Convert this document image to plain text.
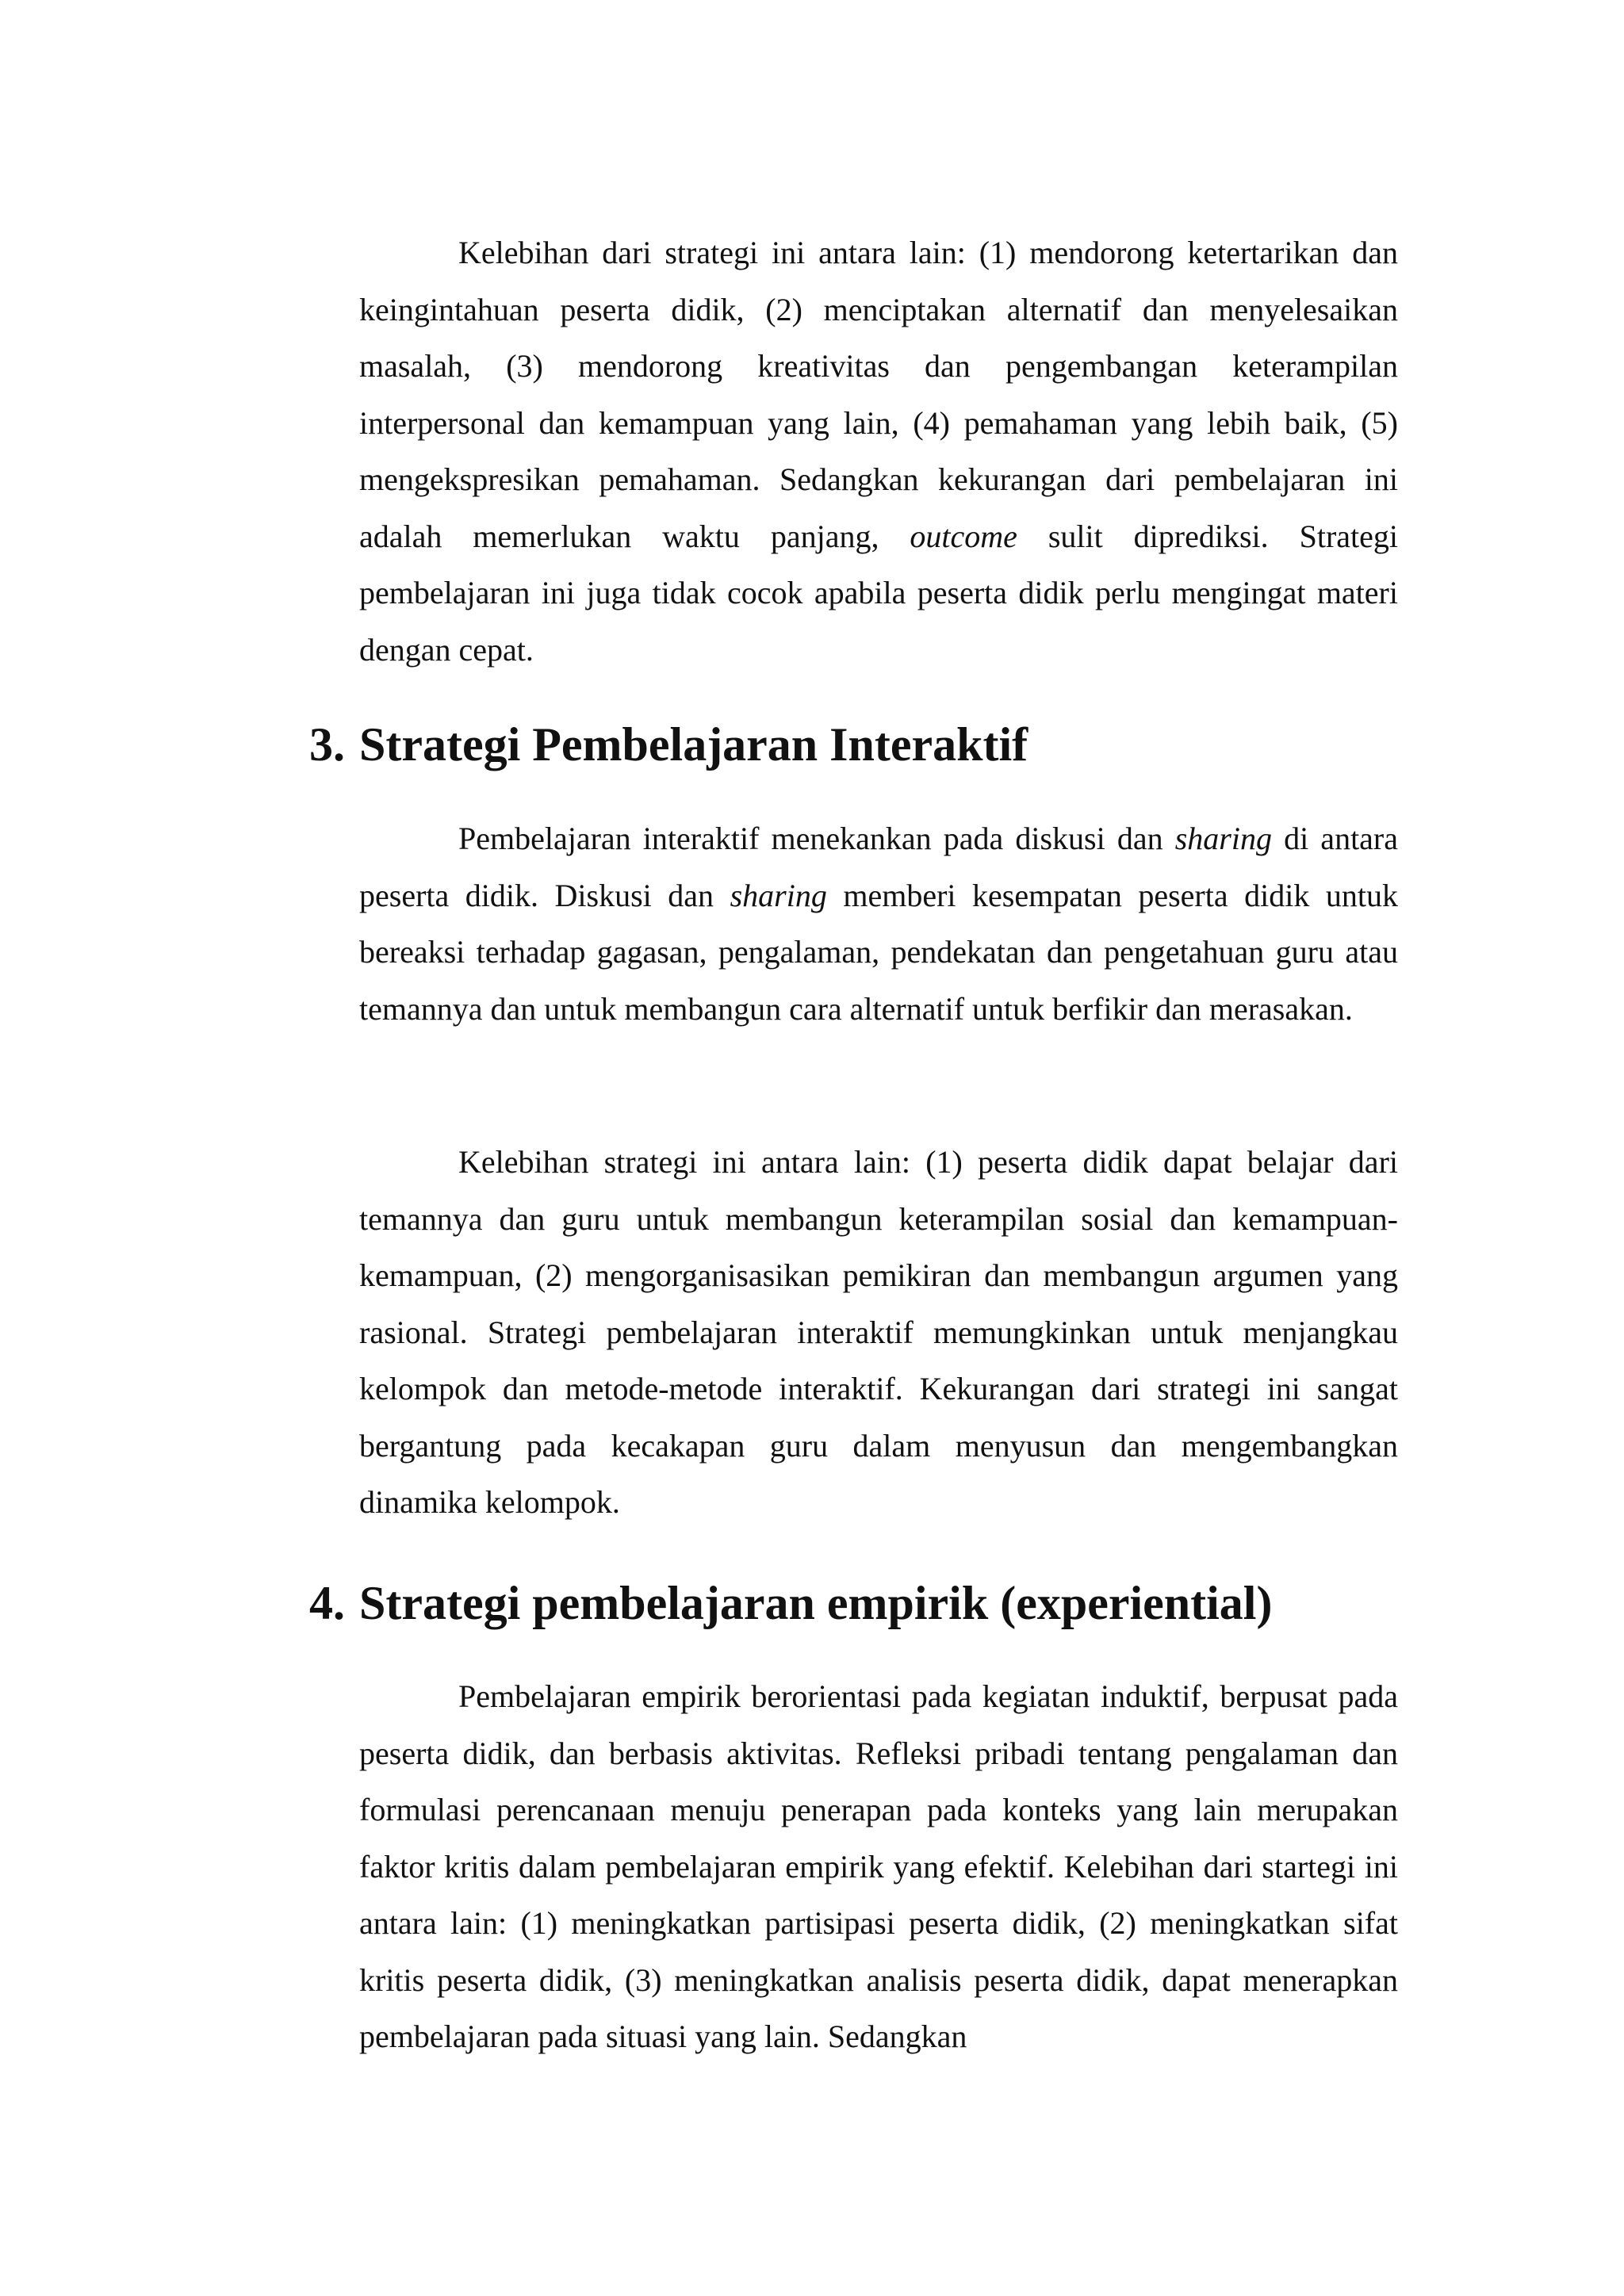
Kelebihan dari strategi ini antara lain: (1) mendorong ketertarikan dan keingintahuan peserta didik, (2) menciptakan alternatif dan menyelesaikan masalah, (3) mendorong kreativitas dan pengembangan keterampilan interpersonal dan kemampuan yang lain, (4) pemahaman yang lebih baik, (5) mengekspresikan pemahaman. Sedangkan kekurangan dari pembelajaran ini adalah memerlukan waktu panjang, outcome sulit diprediksi. Strategi pembelajaran ini juga tidak cocok apabila peserta didik perlu mengingat materi dengan cepat.

3. Strategi Pembelajaran Interaktif

Pembelajaran interaktif menekankan pada diskusi dan sharing di antara peserta didik. Diskusi dan sharing memberi kesempatan peserta didik untuk bereaksi terhadap gagasan, pengalaman, pendekatan dan pengetahuan guru atau temannya dan untuk membangun cara alternatif untuk berfikir dan merasakan.

Kelebihan strategi ini antara lain: (1) peserta didik dapat belajar dari temannya dan guru untuk membangun keterampilan sosial dan kemampuan-kemampuan, (2) mengorganisasikan pemikiran dan membangun argumen yang rasional. Strategi pembelajaran interaktif memungkinkan untuk menjangkau kelompok dan metode-metode interaktif. Kekurangan dari strategi ini sangat bergantung pada kecakapan guru dalam menyusun dan mengembangkan dinamika kelompok.

4. Strategi pembelajaran empirik (experiential)

Pembelajaran empirik berorientasi pada kegiatan induktif, berpusat pada peserta didik, dan berbasis aktivitas. Refleksi pribadi tentang pengalaman dan formulasi perencanaan menuju penerapan pada konteks yang lain merupakan faktor kritis dalam pembelajaran empirik yang efektif. Kelebihan dari startegi ini antara lain: (1) meningkatkan partisipasi peserta didik, (2) meningkatkan sifat kritis peserta didik, (3) meningkatkan analisis peserta didik, dapat menerapkan pembelajaran pada situasi yang lain. Sedangkan
